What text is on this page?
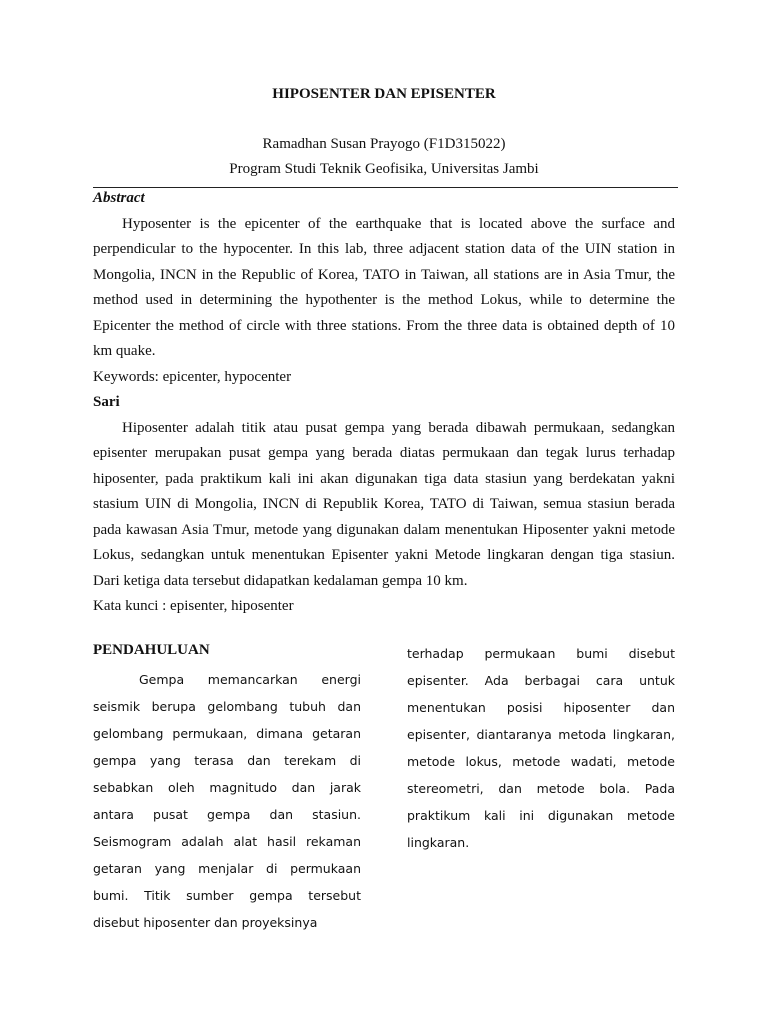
HIPOSENTER DAN EPISENTER
Ramadhan Susan Prayogo (F1D315022)
Program Studi Teknik Geofisika, Universitas Jambi

Abstract

Hyposenter is the epicenter of the earthquake that is located above the surface and perpendicular to the hypocenter. In this lab, three adjacent station data of the UIN station in Mongolia, INCN in the Republic of Korea, TATO in Taiwan, all stations are in Asia Tmur, the method used in determining the hypothenter is the method Lokus, while to determine the Epicenter the method of circle with three stations. From the three data is obtained depth of 10 km quake.

Keywords: epicenter, hypocenter

Sari

Hiposenter adalah titik atau pusat gempa yang berada dibawah permukaan, sedangkan episenter merupakan pusat gempa yang berada diatas permukaan dan tegak lurus terhadap hiposenter, pada praktikum kali ini akan digunakan tiga data stasiun yang berdekatan yakni stasium UIN di Mongolia, INCN di Republik Korea, TATO di Taiwan, semua stasiun berada pada kawasan Asia Tmur, metode yang digunakan dalam menentukan Hiposenter yakni metode Lokus, sedangkan untuk menentukan Episenter yakni Metode lingkaran dengan tiga stasiun. Dari ketiga data tersebut didapatkan kedalaman gempa 10 km.

Kata kunci : episenter, hiposenter

PENDAHULUAN

Gempa memancarkan energi seismik berupa gelombang tubuh dan gelombang permukaan, dimana getaran gempa yang terasa dan terekam di sebabkan oleh magnitudo dan jarak antara pusat gempa dan stasiun. Seismogram adalah alat hasil rekaman getaran yang menjalar di permukaan bumi. Titik sumber gempa tersebut disebut hiposenter dan proyeksinya

terhadap permukaan bumi disebut episenter. Ada berbagai cara untuk menentukan posisi hiposenter dan episenter, diantaranya metoda lingkaran, metode lokus, metode wadati, metode stereometri, dan metode bola. Pada praktikum kali ini digunakan metode lingkaran.
